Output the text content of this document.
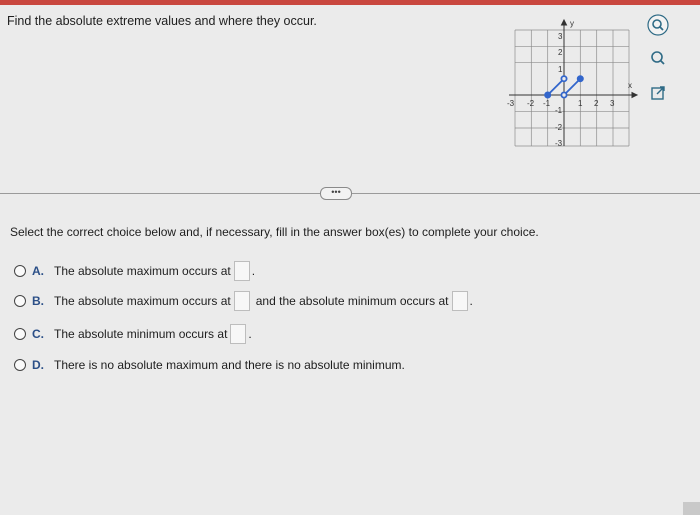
Find the absolute extreme values and where they occur.
-3 -2 -1	1 2 3
3
2
1
-1
-2
-3
x
y
•••
Select the correct choice below and, if necessary, fill in the answer box(es) to complete your choice.
A. The absolute maximum occurs at .
B. The absolute maximum occurs at and the absolute minimum occurs at .
C. The absolute minimum occurs at .
D. There is no absolute maximum and there is no absolute minimum.
